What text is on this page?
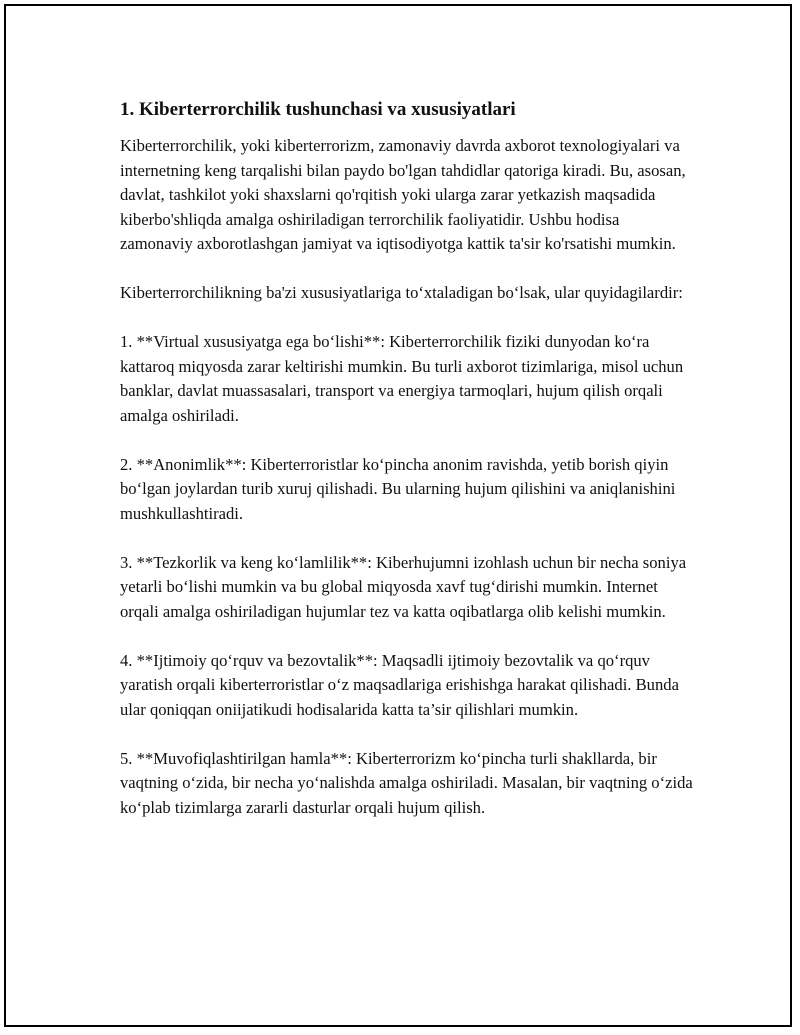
1. Kiberterrorchilik tushunchasi va xususiyatlari

Kiberterrorchilik, yoki kiberterrorizm, zamonaviy davrda axborot texnologiyalari va internetning keng tarqalishi bilan paydo bo'lgan tahdidlar qatoriga kiradi. Bu, asosan, davlat, tashkilot yoki shaxslarni qo'rqitish yoki ularga zarar yetkazish maqsadida kiberbo'shliqda amalga oshiriladigan terrorchilik faoliyatidir. Ushbu hodisa zamonaviy axborotlashgan jamiyat va iqtisodiyotga kattik ta'sir ko'rsatishi mumkin.

Kiberterrorchilikning ba'zi xususiyatlariga to‘xtaladigan bo‘lsak, ular quyidagilardir:

1. **Virtual xususiyatga ega bo‘lishi**: Kiberterrorchilik fiziki dunyodan ko‘ra kattaroq miqyosda zarar keltirishi mumkin. Bu turli axborot tizimlariga, misol uchun banklar, davlat muassasalari, transport va energiya tarmoqlari, hujum qilish orqali amalga oshiriladi.

2. **Anonimlik**: Kiberterroristlar ko‘pincha anonim ravishda, yetib borish qiyin bo‘lgan joylardan turib xuruj qilishadi. Bu ularning hujum qilishini va aniqlanishini mushkullashtiradi.

3. **Tezkorlik va keng ko‘lamlilik**: Kiberhujumni izohlash uchun bir necha soniya yetarli bo‘lishi mumkin va bu global miqyosda xavf tug‘dirishi mumkin. Internet orqali amalga oshiriladigan hujumlar tez va katta oqibatlarga olib kelishi mumkin.

4. **Ijtimoiy qo‘rquv va bezovtalik**: Maqsadli ijtimoiy bezovtalik va qo‘rquv yaratish orqali kiberterroristlar o‘z maqsadlariga erishishga harakat qilishadi. Bunda ular qoniqqan oniijatikudi hodisalarida katta ta’sir qilishlari mumkin.

5. **Muvofiqlashtirilgan hamla**: Kiberterrorizm ko‘pincha turli shakllarda, bir vaqtning o‘zida, bir necha yo‘nalishda amalga oshiriladi. Masalan, bir vaqtning o‘zida ko‘plab tizimlarga zararli dasturlar orqali hujum qilish.
